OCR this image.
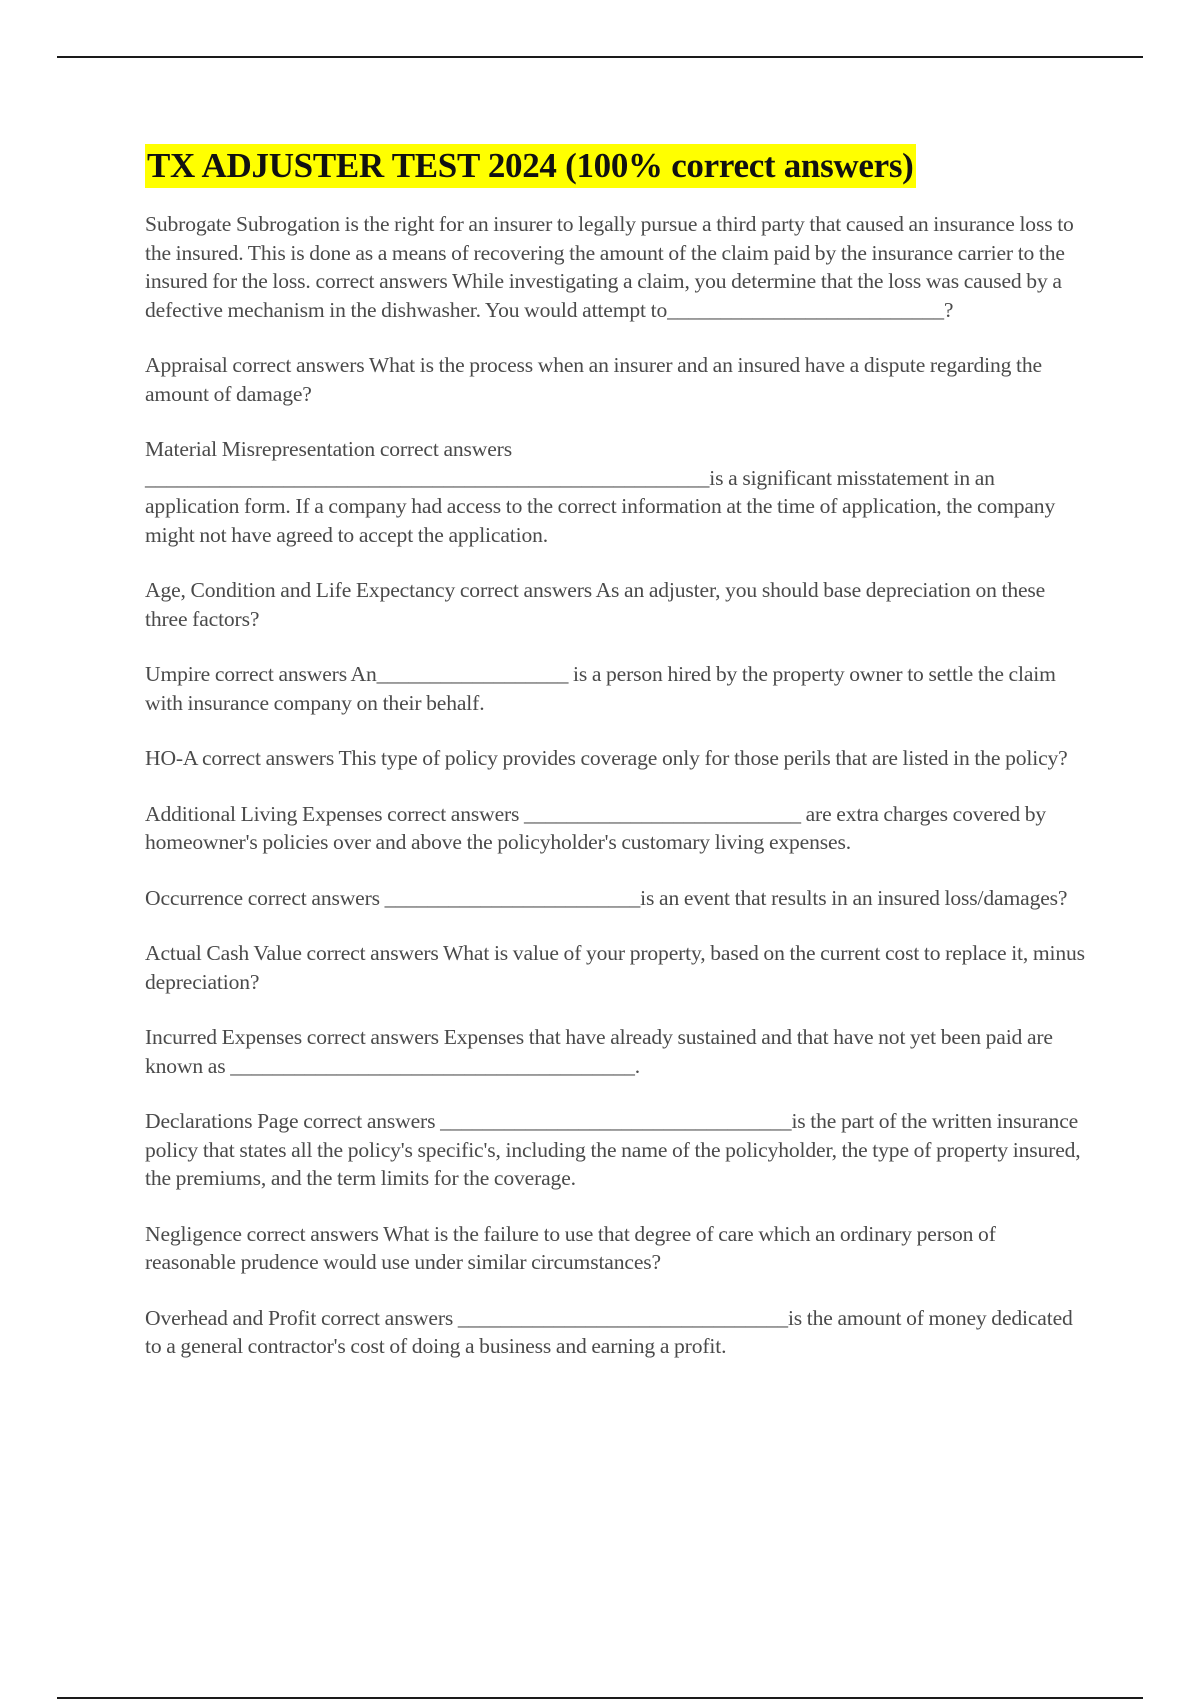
TX ADJUSTER TEST 2024 (100% correct answers)

Subrogate Subrogation is the right for an insurer to legally pursue a third party that caused an insurance loss to the insured. This is done as a means of recovering the amount of the claim paid by the insurance carrier to the insured for the loss. correct answers While investigating a claim, you determine that the loss was caused by a defective mechanism in the dishwasher. You would attempt to__________________________?

Appraisal correct answers What is the process when an insurer and an insured have a dispute regarding the amount of damage?

Material Misrepresentation correct answers _____________________________________________________is a significant misstatement in an application form. If a company had access to the correct information at the time of application, the company might not have agreed to accept the application.

Age, Condition and Life Expectancy correct answers As an adjuster, you should base depreciation on these three factors?

Umpire correct answers An__________________ is a person hired by the property owner to settle the claim with insurance company on their behalf.

HO-A correct answers This type of policy provides coverage only for those perils that are listed in the policy?

Additional Living Expenses correct answers __________________________ are extra charges covered by homeowner's policies over and above the policyholder's customary living expenses.

Occurrence correct answers ________________________is an event that results in an insured loss/damages?

Actual Cash Value correct answers What is value of your property, based on the current cost to replace it, minus depreciation?

Incurred Expenses correct answers Expenses that have already sustained and that have not yet been paid are known as ______________________________________.

Declarations Page correct answers _________________________________is the part of the written insurance policy that states all the policy's specific's, including the name of the policyholder, the type of property insured, the premiums, and the term limits for the coverage.

Negligence correct answers What is the failure to use that degree of care which an ordinary person of reasonable prudence would use under similar circumstances?

Overhead and Profit correct answers _______________________________is the amount of money dedicated to a general contractor's cost of doing a business and earning a profit.
